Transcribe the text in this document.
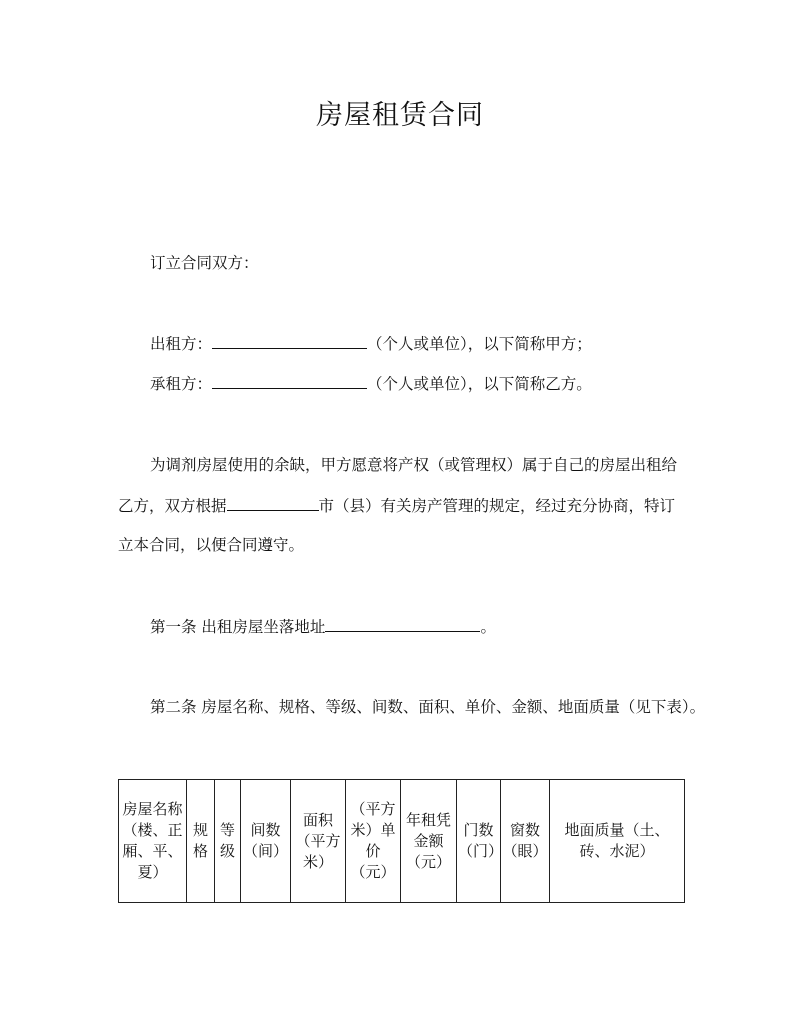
房屋租赁合同
订立合同双方：
出租方：	（个人或单位），以下简称甲方；
承租方：	（个人或单位），以下简称乙方。
为调剂房屋使用的余缺，甲方愿意将产权（或管理权）属于自己的房屋出租给
乙方，双方根据	市（县）有关房产管理的规定，经过充分协商，特订
立本合同，以便合同遵守。
第一条 出租房屋坐落地址	。
第二条 房屋名称、规格、等级、间数、面积、单价、金额、地面质量（见下表）。
房屋名称（楼、正厢、平、夏）	规格	等级	间数（间）	面积（平方米）	（平方米）单价（元）	年租凭金额（元）	门数（门）	窗数（眼）	地面质量（土、砖、水泥）
